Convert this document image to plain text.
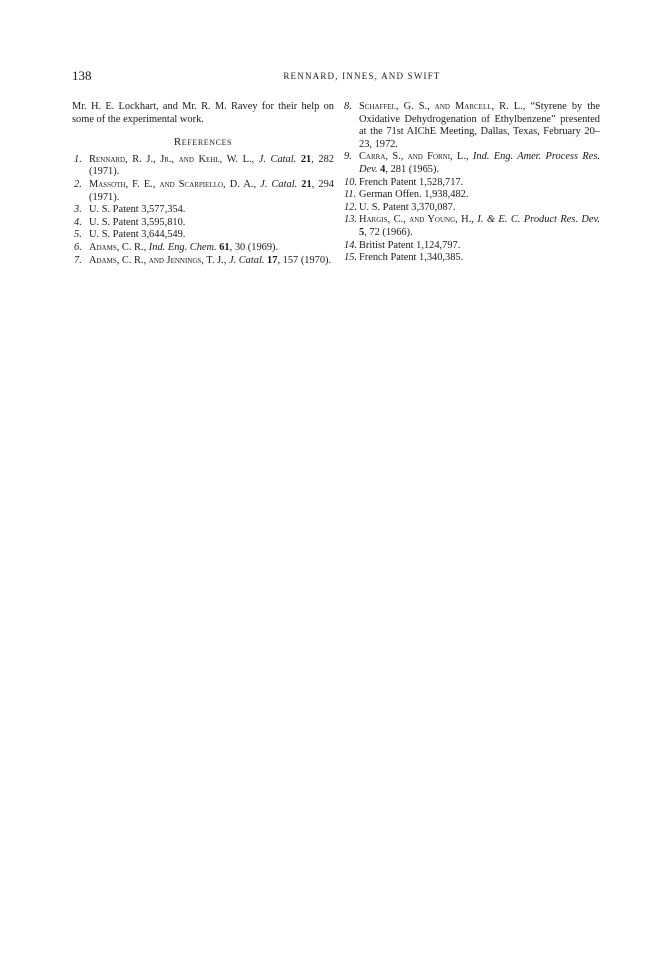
138	RENNARD, INNES, AND SWIFT

Mr. H. E. Lockhart, and Mr. R. M. Ravey for their help on some of the experimental work.

References

1. Rennard, R. J., Jr., and Kehl, W. L., J. Catal. 21, 282 (1971).

2. Massoth, F. E., and Scarpiello, D. A., J. Catal. 21, 294 (1971).

3. U. S. Patent 3,577,354.

4. U. S. Patent 3,595,810.

5. U. S. Patent 3,644,549.

6. Adams, C. R., Ind. Eng. Chem. 61, 30 (1969).

7. Adams, C. R., and Jennings, T. J., J. Catal. 17, 157 (1970).

8. Schaffel, G. S., and Marcell, R. L., “Styrene by the Oxidative Dehydrogenation of Ethylbenzene” presented at the 71st AIChE Meeting, Dallas, Texas, February 20–23, 1972.

9. Carra, S., and Forni, L., Ind. Eng. Amer. Process Res. Dev. 4, 281 (1965).

10. French Patent 1,528,717.

11. German Offen. 1,938,482.

12. U. S. Patent 3,370,087.

13. Hargis, C., and Young, H., I. & E. C. Product Res. Dev. 5, 72 (1966).

14. Britist Patent 1,124,797.

15. French Patent 1,340,385.
